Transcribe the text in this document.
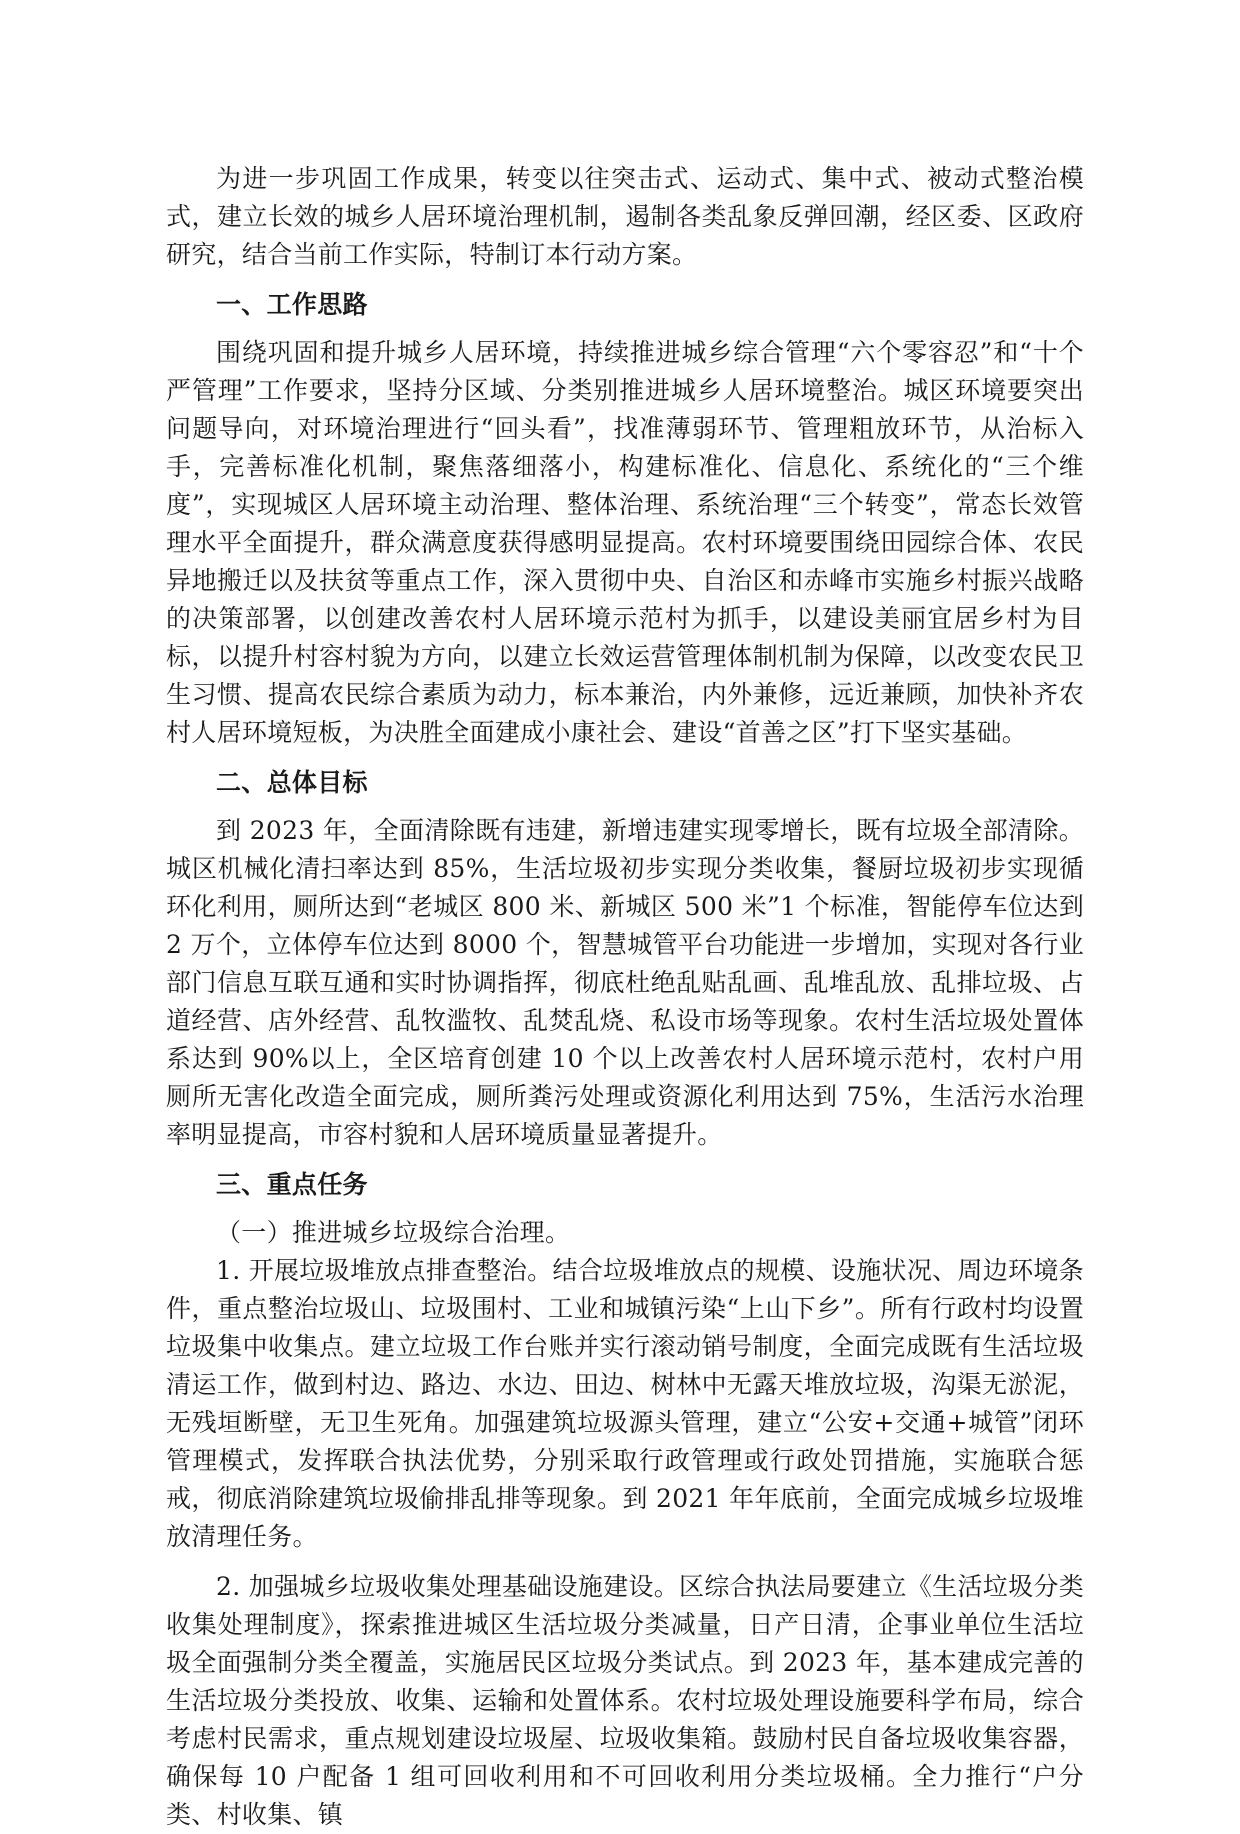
为进一步巩固工作成果，转变以往突击式、运动式、集中式、被动式整治模式，建立长效的城乡人居环境治理机制，遏制各类乱象反弹回潮，经区委、区政府研究，结合当前工作实际，特制订本行动方案。

一、工作思路

围绕巩固和提升城乡人居环境，持续推进城乡综合管理“六个零容忍”和“十个严管理”工作要求，坚持分区域、分类别推进城乡人居环境整治。城区环境要突出问题导向，对环境治理进行“回头看”，找准薄弱环节、管理粗放环节，从治标入手，完善标准化机制，聚焦落细落小，构建标准化、信息化、系统化的“三个维度”，实现城区人居环境主动治理、整体治理、系统治理“三个转变”，常态长效管理水平全面提升，群众满意度获得感明显提高。农村环境要围绕田园综合体、农民异地搬迁以及扶贫等重点工作，深入贯彻中央、自治区和赤峰市实施乡村振兴战略的决策部署，以创建改善农村人居环境示范村为抓手，以建设美丽宜居乡村为目标，以提升村容村貌为方向，以建立长效运营管理体制机制为保障，以改变农民卫生习惯、提高农民综合素质为动力，标本兼治，内外兼修，远近兼顾，加快补齐农村人居环境短板，为决胜全面建成小康社会、建设“首善之区”打下坚实基础。

二、总体目标

到 2023 年，全面清除既有违建，新增违建实现零增长，既有垃圾全部清除。城区机械化清扫率达到 85%，生活垃圾初步实现分类收集，餐厨垃圾初步实现循环化利用，厕所达到“老城区 800 米、新城区 500 米”1 个标准，智能停车位达到 2 万个，立体停车位达到 8000 个，智慧城管平台功能进一步增加，实现对各行业部门信息互联互通和实时协调指挥，彻底杜绝乱贴乱画、乱堆乱放、乱排垃圾、占道经营、店外经营、乱牧滥牧、乱焚乱烧、私设市场等现象。农村生活垃圾处置体系达到 90%以上，全区培育创建 10 个以上改善农村人居环境示范村，农村户用厕所无害化改造全面完成，厕所粪污处理或资源化利用达到 75%，生活污水治理率明显提高，市容村貌和人居环境质量显著提升。

三、重点任务

（一）推进城乡垃圾综合治理。

1. 开展垃圾堆放点排查整治。结合垃圾堆放点的规模、设施状况、周边环境条件，重点整治垃圾山、垃圾围村、工业和城镇污染“上山下乡”。所有行政村均设置垃圾集中收集点。建立垃圾工作台账并实行滚动销号制度，全面完成既有生活垃圾清运工作，做到村边、路边、水边、田边、树林中无露天堆放垃圾，沟渠无淤泥，无残垣断壁，无卫生死角。加强建筑垃圾源头管理，建立“公安+交通+城管”闭环管理模式，发挥联合执法优势，分别采取行政管理或行政处罚措施，实施联合惩戒，彻底消除建筑垃圾偷排乱排等现象。到 2021 年年底前，全面完成城乡垃圾堆放清理任务。

2. 加强城乡垃圾收集处理基础设施建设。区综合执法局要建立《生活垃圾分类收集处理制度》，探索推进城区生活垃圾分类减量，日产日清，企事业单位生活垃圾全面强制分类全覆盖，实施居民区垃圾分类试点。到 2023 年，基本建成完善的生活垃圾分类投放、收集、运输和处置体系。农村垃圾处理设施要科学布局，综合考虑村民需求，重点规划建设垃圾屋、垃圾收集箱。鼓励村民自备垃圾收集容器，确保每 10 户配备 1 组可回收利用和不可回收利用分类垃圾桶。全力推行“户分类、村收集、镇
